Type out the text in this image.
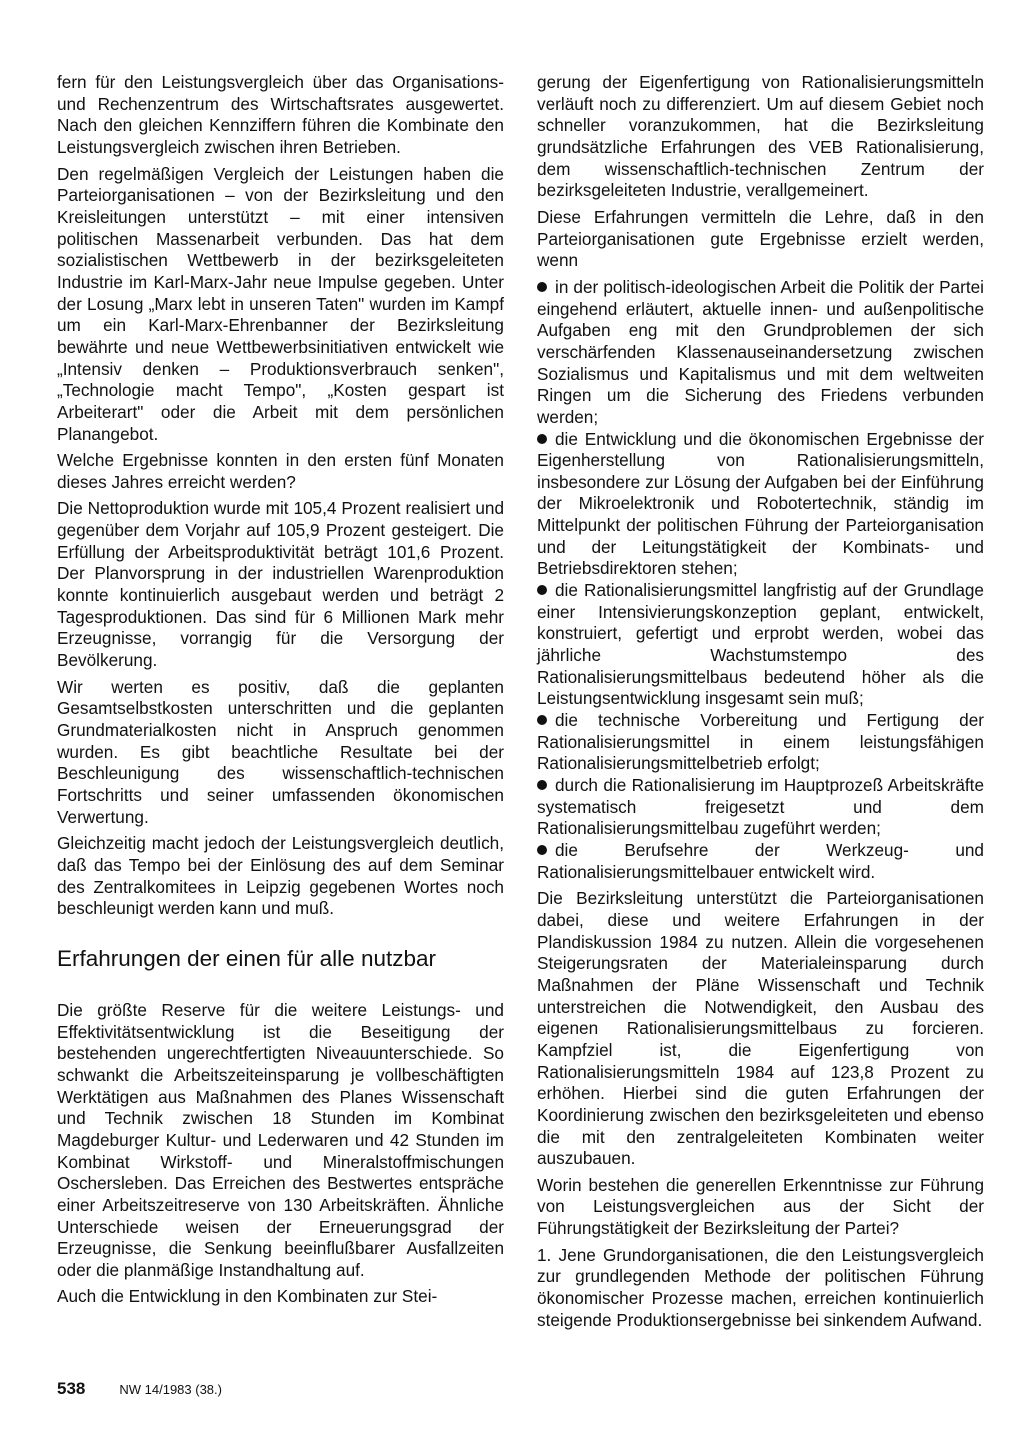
fern für den Leistungsvergleich über das Organisations- und Rechenzentrum des Wirtschaftsrates ausgewertet. Nach den gleichen Kennziffern führen die Kombinate den Leistungsvergleich zwischen ihren Betrieben.

Den regelmäßigen Vergleich der Leistungen haben die Parteiorganisationen – von der Bezirksleitung und den Kreisleitungen unterstützt – mit einer intensiven politischen Massenarbeit verbunden. Das hat dem sozialistischen Wettbewerb in der bezirksgeleiteten Industrie im Karl-Marx-Jahr neue Impulse gegeben. Unter der Losung „Marx lebt in unseren Taten" wurden im Kampf um ein Karl-Marx-Ehrenbanner der Bezirksleitung bewährte und neue Wettbewerbsinitiativen entwickelt wie „Intensiv denken – Produktionsverbrauch senken", „Technologie macht Tempo", „Kosten gespart ist Arbeiterart" oder die Arbeit mit dem persönlichen Planangebot.

Welche Ergebnisse konnten in den ersten fünf Monaten dieses Jahres erreicht werden?

Die Nettoproduktion wurde mit 105,4 Prozent realisiert und gegenüber dem Vorjahr auf 105,9 Prozent gesteigert. Die Erfüllung der Arbeitsproduktivität beträgt 101,6 Prozent. Der Planvorsprung in der industriellen Warenproduktion konnte kontinuierlich ausgebaut werden und beträgt 2 Tagesproduktionen. Das sind für 6 Millionen Mark mehr Erzeugnisse, vorrangig für die Versorgung der Bevölkerung.

Wir werten es positiv, daß die geplanten Gesamtselbstkosten unterschritten und die geplanten Grundmaterialkosten nicht in Anspruch genommen wurden. Es gibt beachtliche Resultate bei der Beschleunigung des wissenschaftlich-technischen Fortschritts und seiner umfassenden ökonomischen Verwertung.

Gleichzeitig macht jedoch der Leistungsvergleich deutlich, daß das Tempo bei der Einlösung des auf dem Seminar des Zentralkomitees in Leipzig gegebenen Wortes noch beschleunigt werden kann und muß.

Erfahrungen der einen für alle nutzbar

Die größte Reserve für die weitere Leistungs- und Effektivitätsentwicklung ist die Beseitigung der bestehenden ungerechtfertigten Niveauunterschiede. So schwankt die Arbeitszeiteinsparung je vollbeschäftigten Werktätigen aus Maßnahmen des Planes Wissenschaft und Technik zwischen 18 Stunden im Kombinat Magdeburger Kultur- und Lederwaren und 42 Stunden im Kombinat Wirkstoff- und Mineralstoffmischungen Oschersleben. Das Erreichen des Bestwertes entspräche einer Arbeitszeitreserve von 130 Arbeitskräften. Ähnliche Unterschiede weisen der Erneuerungsgrad der Erzeugnisse, die Senkung beeinflußbarer Ausfallzeiten oder die planmäßige Instandhaltung auf.

Auch die Entwicklung in den Kombinaten zur Stei-

gerung der Eigenfertigung von Rationalisierungsmitteln verläuft noch zu differenziert. Um auf diesem Gebiet noch schneller voranzukommen, hat die Bezirksleitung grundsätzliche Erfahrungen des VEB Rationalisierung, dem wissenschaftlich-technischen Zentrum der bezirksgeleiteten Industrie, verallgemeinert.

Diese Erfahrungen vermitteln die Lehre, daß in den Parteiorganisationen gute Ergebnisse erzielt werden, wenn

in der politisch-ideologischen Arbeit die Politik der Partei eingehend erläutert, aktuelle innen- und außenpolitische Aufgaben eng mit den Grundproblemen der sich verschärfenden Klassenauseinandersetzung zwischen Sozialismus und Kapitalismus und mit dem weltweiten Ringen um die Sicherung des Friedens verbunden werden;

die Entwicklung und die ökonomischen Ergebnisse der Eigenherstellung von Rationalisierungsmitteln, insbesondere zur Lösung der Aufgaben bei der Einführung der Mikroelektronik und Robotertechnik, ständig im Mittelpunkt der politischen Führung der Parteiorganisation und der Leitungstätigkeit der Kombinats- und Betriebsdirektoren stehen;

die Rationalisierungsmittel langfristig auf der Grundlage einer Intensivierungskonzeption geplant, entwickelt, konstruiert, gefertigt und erprobt werden, wobei das jährliche Wachstumstempo des Rationalisierungsmittelbaus bedeutend höher als die Leistungsentwicklung insgesamt sein muß;

die technische Vorbereitung und Fertigung der Rationalisierungsmittel in einem leistungsfähigen Rationalisierungsmittelbetrieb erfolgt;

durch die Rationalisierung im Hauptprozeß Arbeitskräfte systematisch freigesetzt und dem Rationalisierungsmittelbau zugeführt werden;

die Berufsehre der Werkzeug- und Rationalisierungsmittelbauer entwickelt wird.

Die Bezirksleitung unterstützt die Parteiorganisationen dabei, diese und weitere Erfahrungen in der Plandiskussion 1984 zu nutzen. Allein die vorgesehenen Steigerungsraten der Materialeinsparung durch Maßnahmen der Pläne Wissenschaft und Technik unterstreichen die Notwendigkeit, den Ausbau des eigenen Rationalisierungsmittelbaus zu forcieren. Kampfziel ist, die Eigenfertigung von Rationalisierungsmitteln 1984 auf 123,8 Prozent zu erhöhen. Hierbei sind die guten Erfahrungen der Koordinierung zwischen den bezirksgeleiteten und ebenso die mit den zentralgeleiteten Kombinaten weiter auszubauen.

Worin bestehen die generellen Erkenntnisse zur Führung von Leistungsvergleichen aus der Sicht der Führungstätigkeit der Bezirksleitung der Partei?

1. Jene Grundorganisationen, die den Leistungsvergleich zur grundlegenden Methode der politischen Führung ökonomischer Prozesse machen, erreichen kontinuierlich steigende Produktionsergebnisse bei sinkendem Aufwand.

538	NW 14/1983 (38.)
